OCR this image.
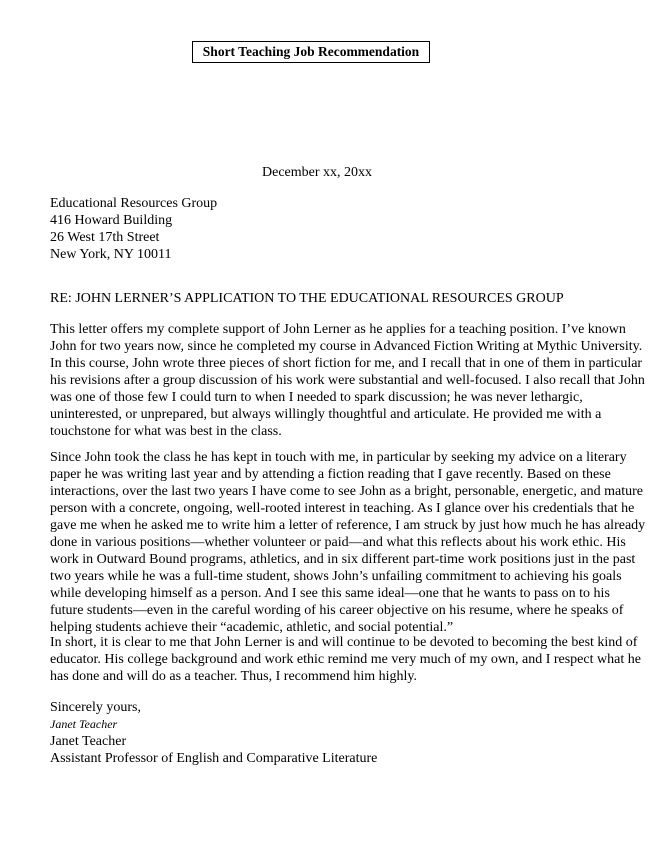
Short Teaching Job Recommendation
December xx, 20xx
Educational Resources Group
416 Howard Building
26 West 17th Street
New York, NY 10011
RE: JOHN LERNER’S APPLICATION TO THE EDUCATIONAL RESOURCES GROUP
This letter offers my complete support of John Lerner as he applies for a teaching position. I’ve known
John for two years now, since he completed my course in Advanced Fiction Writing at Mythic University.
In this course, John wrote three pieces of short fiction for me, and I recall that in one of them in particular
his revisions after a group discussion of his work were substantial and well-focused. I also recall that John
was one of those few I could turn to when I needed to spark discussion; he was never lethargic,
uninterested, or unprepared, but always willingly thoughtful and articulate. He provided me with a
touchstone for what was best in the class.
Since John took the class he has kept in touch with me, in particular by seeking my advice on a literary
paper he was writing last year and by attending a fiction reading that I gave recently. Based on these
interactions, over the last two years I have come to see John as a bright, personable, energetic, and mature
person with a concrete, ongoing, well-rooted interest in teaching. As I glance over his credentials that he
gave me when he asked me to write him a letter of reference, I am struck by just how much he has already
done in various positions—whether volunteer or paid—and what this reflects about his work ethic. His
work in Outward Bound programs, athletics, and in six different part-time work positions just in the past
two years while he was a full-time student, shows John’s unfailing commitment to achieving his goals
while developing himself as a person. And I see this same ideal—one that he wants to pass on to his
future students—even in the careful wording of his career objective on his resume, where he speaks of
helping students achieve their “academic, athletic, and social potential.”
In short, it is clear to me that John Lerner is and will continue to be devoted to becoming the best kind of
educator. His college background and work ethic remind me very much of my own, and I respect what he
has done and will do as a teacher. Thus, I recommend him highly.
Sincerely yours,
Janet Teacher
Janet Teacher
Assistant Professor of English and Comparative Literature
